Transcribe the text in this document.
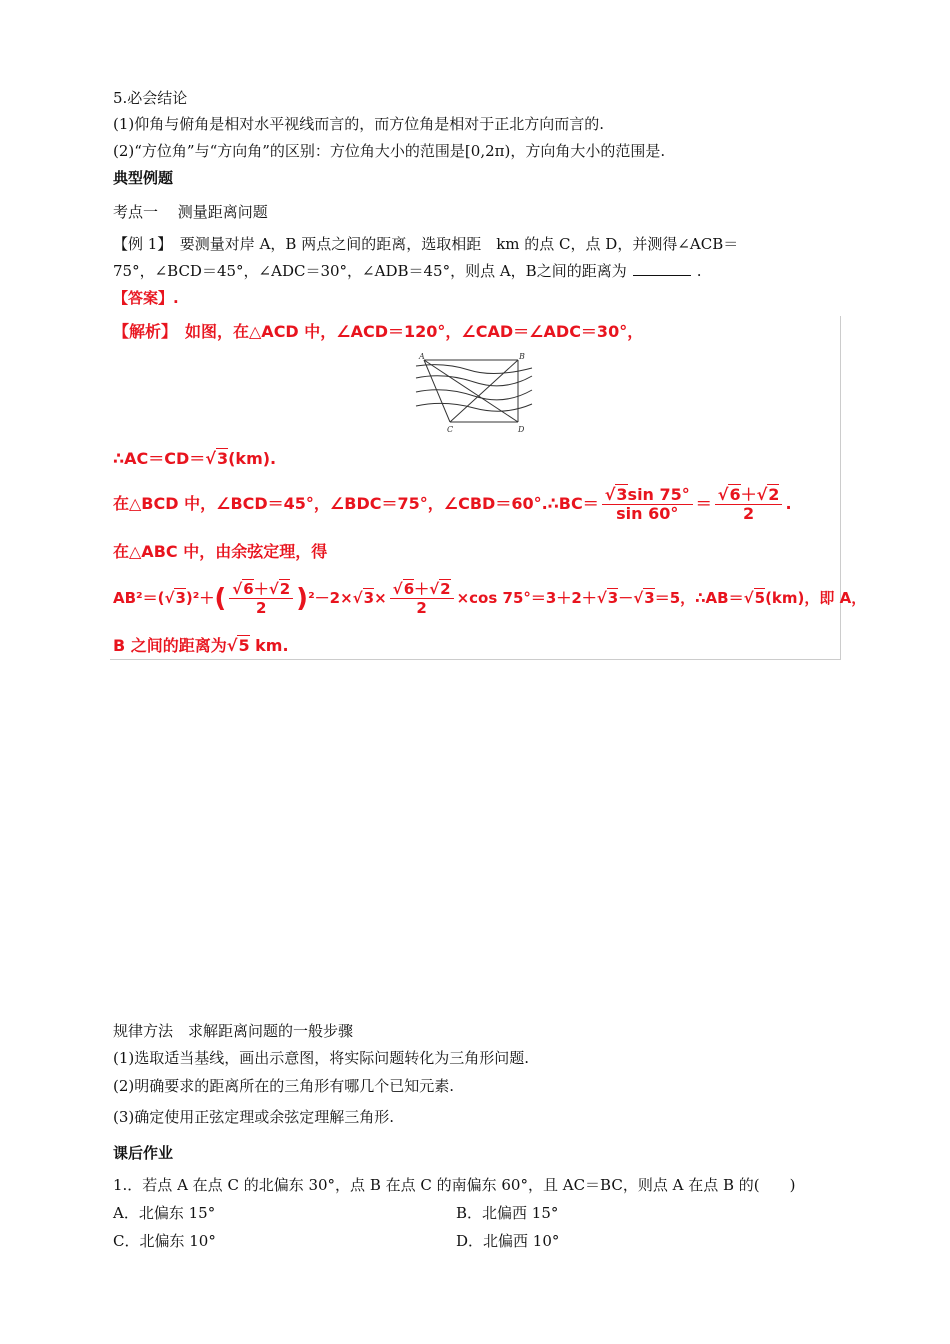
5.必会结论
(1)仰角与俯角是相对水平视线而言的，而方位角是相对于正北方向而言的.
(2)“方位角”与“方向角”的区别：方位角大小的范围是[0,2π)，方向角大小的范围是.
典型例题
考点一　 测量距离问题
【例 1】　要测量对岸 A，B 两点之间的距离，选取相距　km 的点 C，点 D，并测得∠ACB＝
75°，∠BCD＝45°，∠ADC＝30°，∠ADB＝45°，则点 A，B之间的距离为	.
【答案】.
【解析】　如图，在△ACD 中，∠ACD＝120°，∠CAD＝∠ADC＝30°，
A	B
C	D
∴AC＝CD＝√3(km).
在△BCD 中，∠BCD＝45°，∠BDC＝75°，∠CBD＝60°.∴BC＝ $\frac{√3\sin 75^\circ}{\sin 60^\circ} = \frac{√6+√2}{2}$ .
在△ABC 中，由余弦定理，得
$AB^2=(√3)^2+( \frac{√6+√2}{2} )^2-2\times√3\times \frac{√6+√2}{2} \times\cos$ 75°＝3＋2＋√3－√3＝5，∴AB＝√5(km)，即 A，
B 之间的距离为√5 km.
规律方法　求解距离问题的一般步骤
(1)选取适当基线，画出示意图，将实际问题转化为三角形问题.
(2)明确要求的距离所在的三角形有哪几个已知元素.
(3)确定使用正弦定理或余弦定理解三角形.
课后作业
1.．若点 A 在点 C 的北偏东 30°，点 B 在点 C 的南偏东 60°，且 AC＝BC，则点 A 在点 B 的(　　)
A．北偏东 15°	B．北偏西 15°
C．北偏东 10°	D．北偏西 10°
